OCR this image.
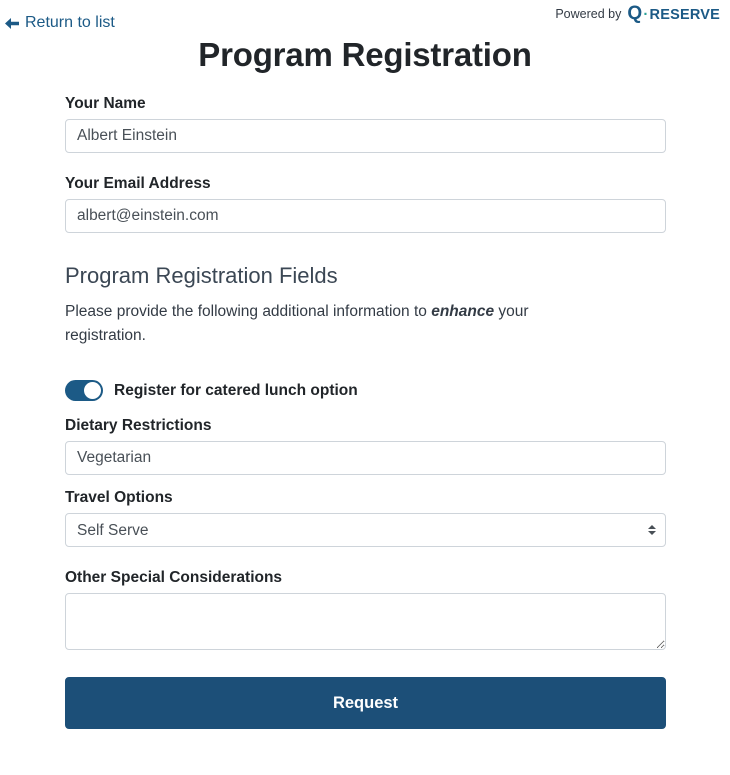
Powered by Q · RESERVE
Return to list
Program Registration
Your Name
Albert Einstein
Your Email Address
albert@einstein.com
Program Registration Fields
Please provide the following additional information to enhance your registration.
Register for catered lunch option
Dietary Restrictions
Vegetarian
Travel Options
Self Serve
Other Special Considerations
Request
